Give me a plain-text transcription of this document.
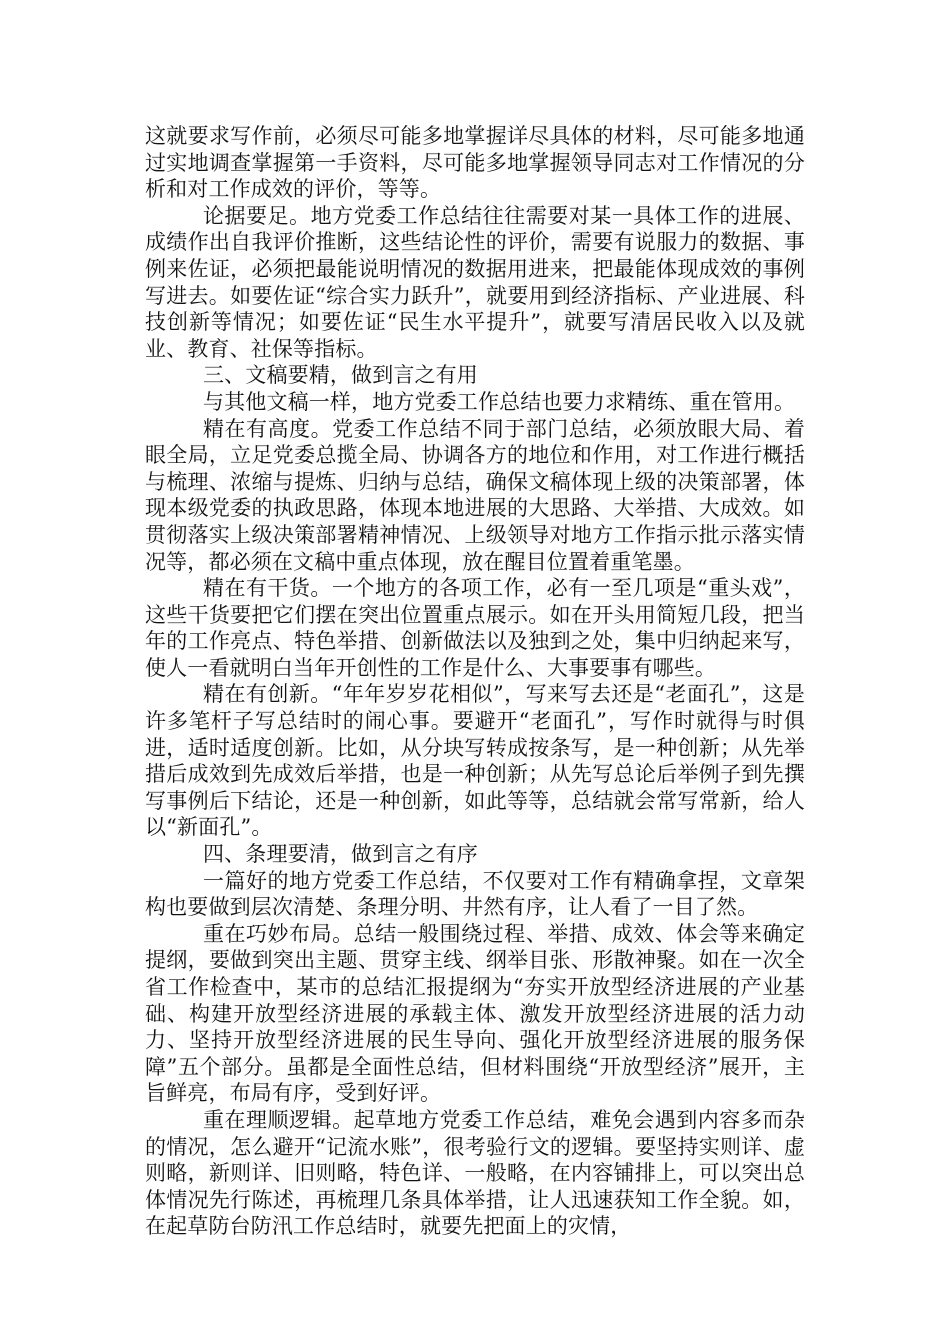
这就要求写作前，必须尽可能多地掌握详尽具体的材料，尽可能多地通过实地调查掌握第一手资料，尽可能多地掌握领导同志对工作情况的分析和对工作成效的评价，等等。

论据要足。地方党委工作总结往往需要对某一具体工作的进展、成绩作出自我评价推断，这些结论性的评价，需要有说服力的数据、事例来佐证，必须把最能说明情况的数据用进来，把最能体现成效的事例写进去。如要佐证“综合实力跃升”，就要用到经济指标、产业进展、科技创新等情况；如要佐证“民生水平提升”，就要写清居民收入以及就业、教育、社保等指标。

三、文稿要精，做到言之有用

与其他文稿一样，地方党委工作总结也要力求精练、重在管用。

精在有高度。党委工作总结不同于部门总结，必须放眼大局、着眼全局，立足党委总揽全局、协调各方的地位和作用，对工作进行概括与梳理、浓缩与提炼、归纳与总结，确保文稿体现上级的决策部署，体现本级党委的执政思路，体现本地进展的大思路、大举措、大成效。如贯彻落实上级决策部署精神情况、上级领导对地方工作指示批示落实情况等，都必须在文稿中重点体现，放在醒目位置着重笔墨。

精在有干货。一个地方的各项工作，必有一至几项是“重头戏”，这些干货要把它们摆在突出位置重点展示。如在开头用简短几段，把当年的工作亮点、特色举措、创新做法以及独到之处，集中归纳起来写，使人一看就明白当年开创性的工作是什么、大事要事有哪些。

精在有创新。“年年岁岁花相似”，写来写去还是“老面孔”，这是许多笔杆子写总结时的闹心事。要避开“老面孔”，写作时就得与时俱进，适时适度创新。比如，从分块写转成按条写，是一种创新；从先举措后成效到先成效后举措，也是一种创新；从先写总论后举例子到先撰写事例后下结论，还是一种创新，如此等等，总结就会常写常新，给人以“新面孔”。

四、条理要清，做到言之有序

一篇好的地方党委工作总结，不仅要对工作有精确拿捏，文章架构也要做到层次清楚、条理分明、井然有序，让人看了一目了然。

重在巧妙布局。总结一般围绕过程、举措、成效、体会等来确定提纲，要做到突出主题、贯穿主线、纲举目张、形散神聚。如在一次全省工作检查中，某市的总结汇报提纲为“夯实开放型经济进展的产业基础、构建开放型经济进展的承载主体、激发开放型经济进展的活力动力、坚持开放型经济进展的民生导向、强化开放型经济进展的服务保障”五个部分。虽都是全面性总结，但材料围绕“开放型经济”展开，主旨鲜亮，布局有序，受到好评。

重在理顺逻辑。起草地方党委工作总结，难免会遇到内容多而杂的情况，怎么避开“记流水账”，很考验行文的逻辑。要坚持实则详、虚则略，新则详、旧则略，特色详、一般略，在内容铺排上，可以突出总体情况先行陈述，再梳理几条具体举措，让人迅速获知工作全貌。如，在起草防台防汛工作总结时，就要先把面上的灾情，
